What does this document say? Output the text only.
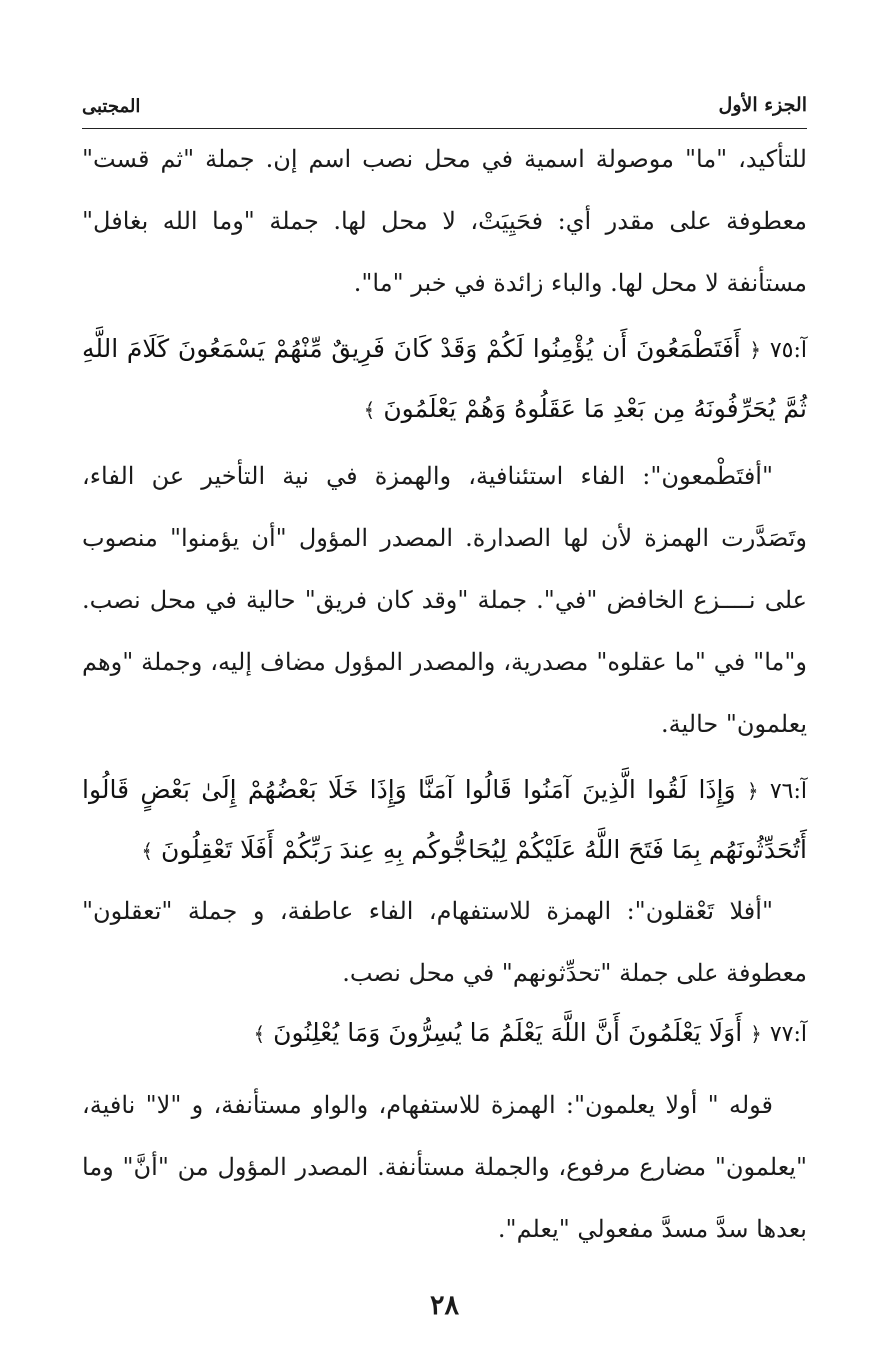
الجزء الأول
المجتبى

للتأكيد، "ما" موصولة اسمية في محل نصب اسم إن. جملة "ثم قست" معطوفة على مقدر أي: فحَيِيَتْ، لا محل لها. جملة "وما الله بغافل" مستأنفة لا محل لها. والباء زائدة في خبر "ما".

آ:٧٥ ﴿ أَفَتَطْمَعُونَ أَن يُؤْمِنُوا لَكُمْ وَقَدْ كَانَ فَرِيقٌ مِّنْهُمْ يَسْمَعُونَ كَلَامَ اللَّهِ ثُمَّ يُحَرِّفُونَهُ مِن بَعْدِ مَا عَقَلُوهُ وَهُمْ يَعْلَمُونَ ﴾

"أفتَطْمعون": الفاء استئنافية، والهمزة في نية التأخير عن الفاء، وتَصَدَّرت الهمزة لأن لها الصدارة. المصدر المؤول "أن يؤمنوا" منصوب على نــــزع الخافض "في". جملة "وقد كان فريق" حالية في محل نصب. و"ما" في "ما عقلوه" مصدرية، والمصدر المؤول مضاف إليه، وجملة "وهم يعلمون" حالية.

آ:٧٦ ﴿ وَإِذَا لَقُوا الَّذِينَ آمَنُوا قَالُوا آمَنَّا وَإِذَا خَلَا بَعْضُهُمْ إِلَىٰ بَعْضٍ قَالُوا أَتُحَدِّثُونَهُم بِمَا فَتَحَ اللَّهُ عَلَيْكُمْ لِيُحَاجُّوكُم بِهِ عِندَ رَبِّكُمْ أَفَلَا تَعْقِلُونَ ﴾

"أفلا تَعْقلون": الهمزة للاستفهام، الفاء عاطفة، و جملة "تعقلون" معطوفة على جملة "تحدِّثونهم" في محل نصب.

آ:٧٧ ﴿ أَوَلَا يَعْلَمُونَ أَنَّ اللَّهَ يَعْلَمُ مَا يُسِرُّونَ وَمَا يُعْلِنُونَ ﴾

قوله " أولا يعلمون": الهمزة للاستفهام، والواو مستأنفة، و "لا" نافية، "يعلمون" مضارع مرفوع، والجملة مستأنفة. المصدر المؤول من "أنَّ" وما بعدها سدَّ مسدَّ مفعولي "يعلم".

٢٨
